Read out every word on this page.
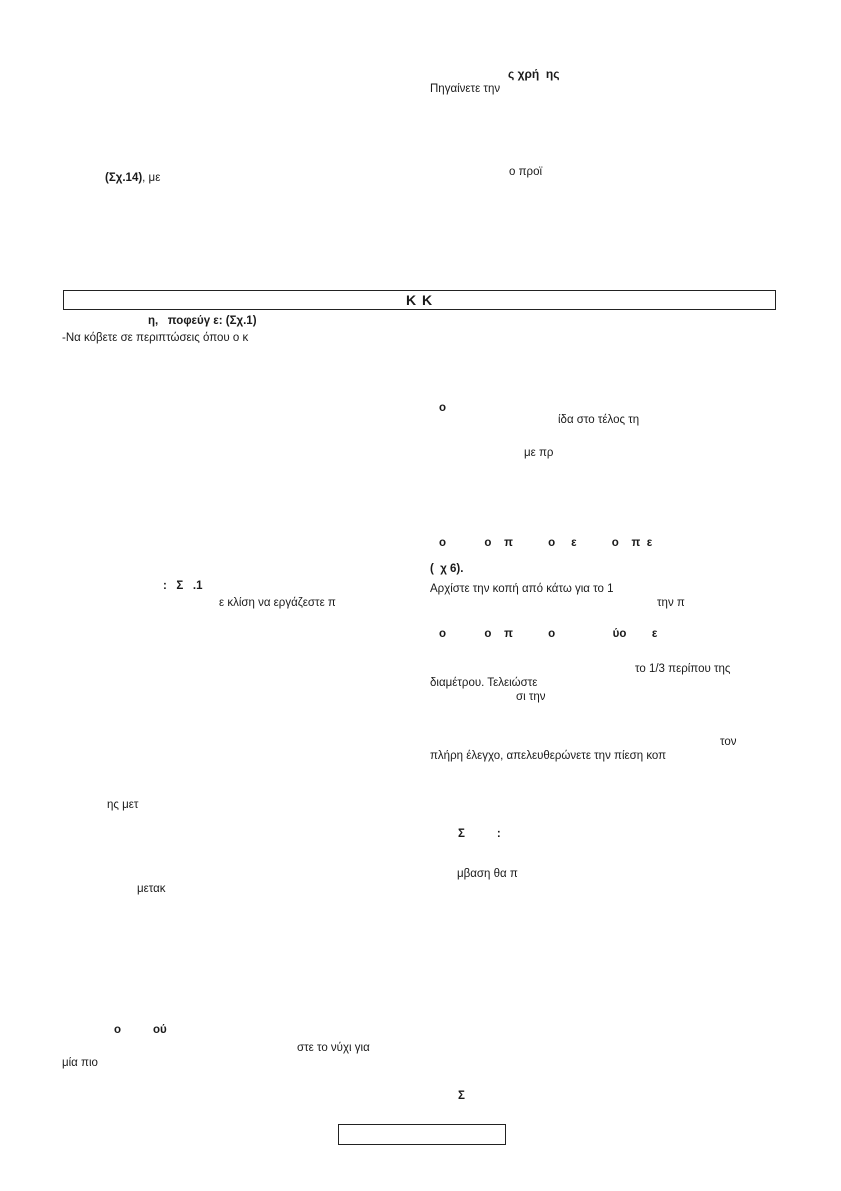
ς χρή  ης
Πηγαίνετε την
ο προϊ
(Σχ.14), με
Κ Κ
η,   ποφεύγ ε: (Σχ.1)
-Να κόβετε σε περιπτώσεις όπου ο κ
:   Σ   .1
ε κλίση να εργάζεστε π
ης μετ
μετακ
ο          ού
στε το νύχι για
μία πιο
ο
ίδα στο τέλος τη
με πρ
ο            ο    π           ο     ε           ο    π  ε
(  χ 6).
Αρχίστε την κοπή από κάτω για το 1
την π
ο            ο    π           ο                  ύο        ε
το 1/3 περίπου της
διαμέτρου. Τελειώστε
σι την
τον
πλήρη έλεγχο, απελευθερώνετε την πίεση κοπ
Σ          :
μβαση θα π
Σ
